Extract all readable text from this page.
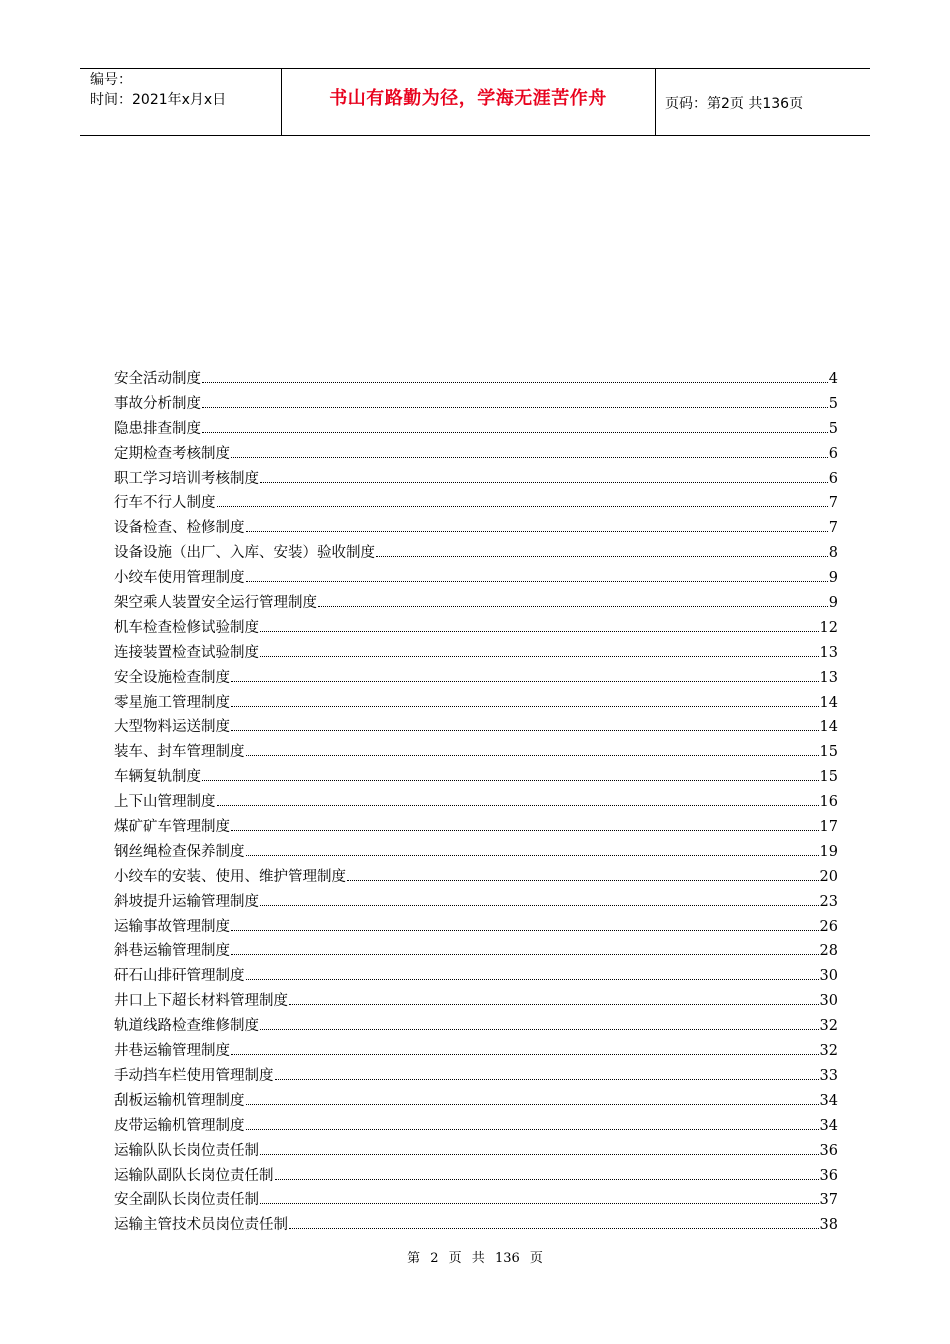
编号：
时间：2021年x月x日	书山有路勤为径，学海无涯苦作舟	页码：第2页 共136页
安全活动制度	4
事故分析制度	5
隐患排查制度	5
定期检查考核制度	6
职工学习培训考核制度	6
行车不行人制度	7
设备检查、检修制度	7
设备设施（出厂、入库、安装）验收制度	8
小绞车使用管理制度	9
架空乘人装置安全运行管理制度	9
机车检查检修试验制度	12
连接装置检查试验制度	13
安全设施检查制度	13
零星施工管理制度	14
大型物料运送制度	14
装车、封车管理制度	15
车辆复轨制度	15
上下山管理制度	16
煤矿矿车管理制度	17
钢丝绳检查保养制度	19
小绞车的安装、使用、维护管理制度	20
斜坡提升运输管理制度	23
运输事故管理制度	26
斜巷运输管理制度	28
矸石山排矸管理制度	30
井口上下超长材料管理制度	30
轨道线路检查维修制度	32
井巷运输管理制度	32
手动挡车栏使用管理制度	33
刮板运输机管理制度	34
皮带运输机管理制度	34
运输队队长岗位责任制	36
运输队副队长岗位责任制	36
安全副队长岗位责任制	37
运输主管技术员岗位责任制	38
第 2 页 共 136 页
